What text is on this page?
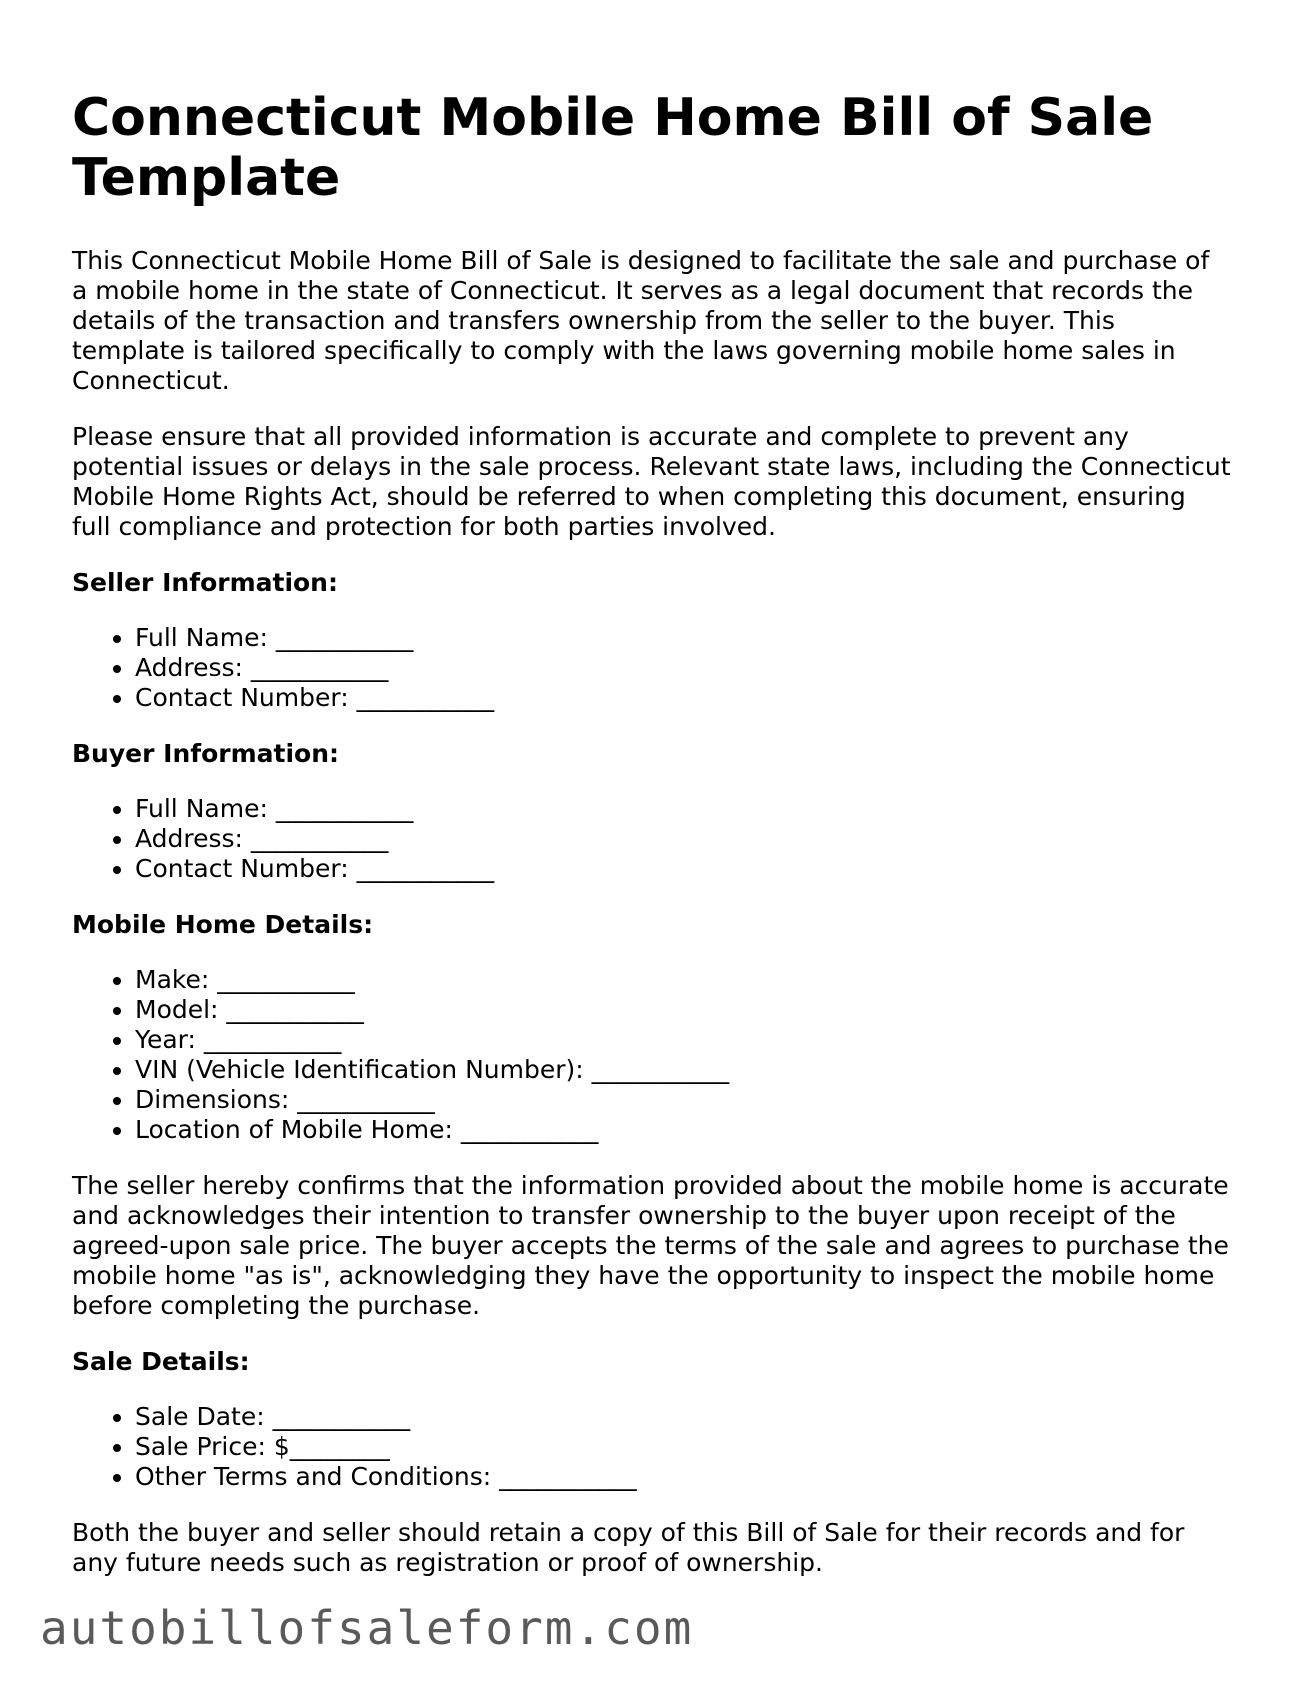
Connecticut Mobile Home Bill of Sale Template

This Connecticut Mobile Home Bill of Sale is designed to facilitate the sale and purchase of a mobile home in the state of Connecticut. It serves as a legal document that records the details of the transaction and transfers ownership from the seller to the buyer. This template is tailored specifically to comply with the laws governing mobile home sales in Connecticut.

Please ensure that all provided information is accurate and complete to prevent any potential issues or delays in the sale process. Relevant state laws, including the Connecticut Mobile Home Rights Act, should be referred to when completing this document, ensuring full compliance and protection for both parties involved.

Seller Information:
• Full Name: ___________
• Address: ___________
• Contact Number: ___________
Buyer Information:
• Full Name: ___________
• Address: ___________
• Contact Number: ___________
Mobile Home Details:
• Make: ___________
• Model: ___________
• Year: ___________
• VIN (Vehicle Identification Number): ___________
• Dimensions: ___________
• Location of Mobile Home: ___________

The seller hereby confirms that the information provided about the mobile home is accurate and acknowledges their intention to transfer ownership to the buyer upon receipt of the agreed-upon sale price. The buyer accepts the terms of the sale and agrees to purchase the mobile home "as is", acknowledging they have the opportunity to inspect the mobile home before completing the purchase.

Sale Details:
• Sale Date: ___________
• Sale Price: $________
• Other Terms and Conditions: ___________

Both the buyer and seller should retain a copy of this Bill of Sale for their records and for any future needs such as registration or proof of ownership.

autobillofsaleform.com
